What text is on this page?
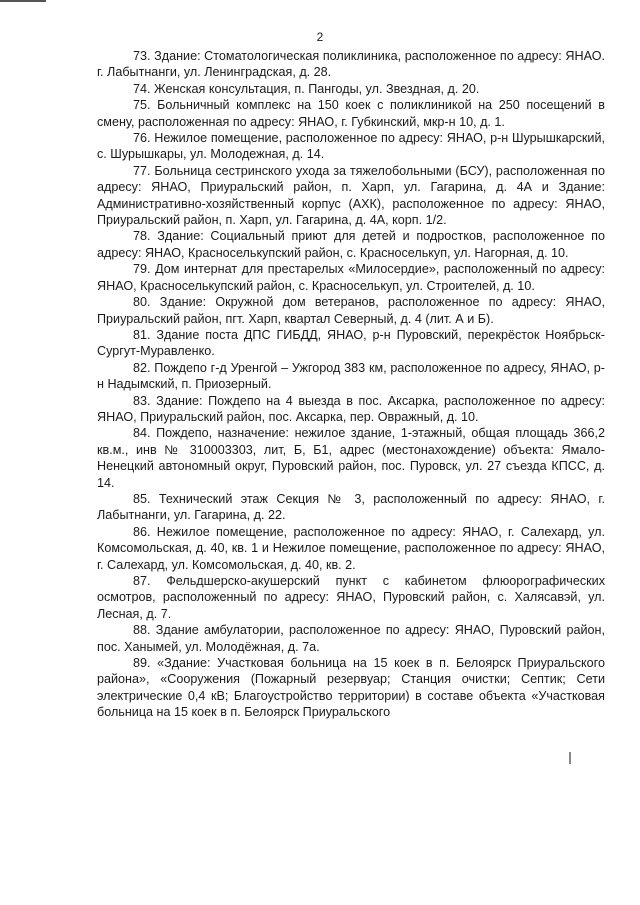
2

73. Здание: Стоматологическая поликлиника, расположенное по адресу: ЯНАО. г. Лабытнанги, ул. Ленинградская, д. 28.

74. Женская консультация, п. Пангоды, ул. Звездная, д. 20.

75. Больничный комплекс на 150 коек с поликлиникой на 250 посещений в смену, расположенная по адресу: ЯНАО, г. Губкинский, мкр-н 10, д. 1.

76. Нежилое помещение, расположенное по адресу: ЯНАО, р-н Шурышкарский, с. Шурышкары, ул. Молодежная, д. 14.

77. Больница сестринского ухода за тяжелобольными (БСУ), расположенная по адресу: ЯНАО, Приуральский район, п. Харп, ул. Гагарина, д. 4А и Здание: Административно-хозяйственный корпус (АХК), расположенное по адресу: ЯНАО, Приуральский район, п. Харп, ул. Гагарина, д. 4А, корп. 1/2.

78. Здание: Социальный приют для детей и подростков, расположенное по адресу: ЯНАО, Красноселькупский район, с. Красноселькуп, ул. Нагорная, д. 10.

79. Дом интернат для престарелых «Милосердие», расположенный по адресу: ЯНАО, Красноселькупский район, с. Красноселькуп, ул. Строителей, д. 10.

80. Здание: Окружной дом ветеранов, расположенное по адресу: ЯНАО, Приуральский район, пгт. Харп, квартал Северный, д. 4 (лит. А и Б).

81. Здание поста ДПС ГИБДД, ЯНАО, р-н Пуровский, перекрёсток Ноябрьск-Сургут-Муравленко.

82. Пождепо г-д Уренгой – Ужгород 383 км, расположенное по адресу, ЯНАО, р-н Надымский, п. Приозерный.

83. Здание: Пождепо на 4 выезда в пос. Аксарка, расположенное по адресу: ЯНАО, Приуральский район, пос. Аксарка, пер. Овражный, д. 10.

84. Пождепо, назначение: нежилое здание, 1-этажный, общая площадь 366,2 кв.м., инв № 310003303, лит, Б, Б1, адрес (местонахождение) объекта: Ямало-Ненецкий автономный округ, Пуровский район, пос. Пуровск, ул. 27 съезда КПСС, д. 14.

85. Технический этаж Секция № 3, расположенный по адресу: ЯНАО, г. Лабытнанги, ул. Гагарина, д. 22.

86. Нежилое помещение, расположенное по адресу: ЯНАО, г. Салехард, ул. Комсомольская, д. 40, кв. 1 и Нежилое помещение, расположенное по адресу: ЯНАО, г. Салехард, ул. Комсомольская, д. 40, кв. 2.

87. Фельдшерско-акушерский пункт с кабинетом флюорографических осмотров, расположенный по адресу: ЯНАО, Пуровский район, с. Халясавэй, ул. Лесная, д. 7.

88. Здание амбулатории, расположенное по адресу: ЯНАО, Пуровский район, пос. Ханымей, ул. Молодёжная, д. 7а.

89. «Здание: Участковая больница на 15 коек в п. Белоярск Приуральского района», «Сооружения (Пожарный резервуар; Станция очистки; Септик; Сети электрические 0,4 кВ; Благоустройство территории) в составе объекта «Участковая больница на 15 коек в п. Белоярск Приуральского
